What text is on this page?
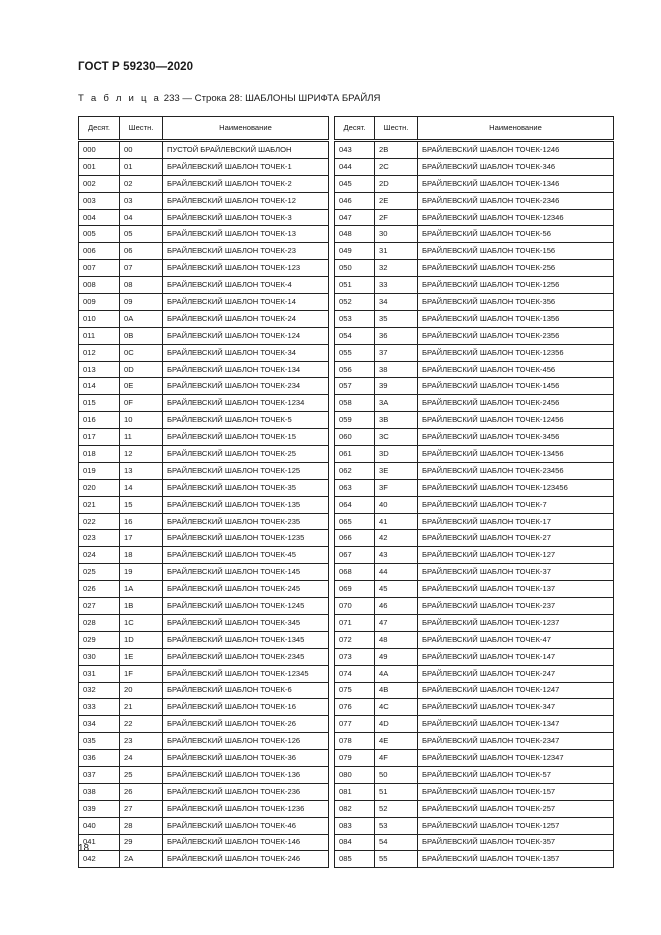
ГОСТ Р 59230—2020
Т а б л и ц а 233 — Строка 28: ШАБЛОНЫ ШРИФТА БРАЙЛЯ
Десят.	Шестн.	Наименование		Десят.	Шестн.	Наименование
000	00	ПУСТОЙ БРАЙЛЕВСКИЙ ШАБЛОН		043	2B	БРАЙЛЕВСКИЙ ШАБЛОН ТОЧЕК-1246
001	01	БРАЙЛЕВСКИЙ ШАБЛОН ТОЧЕК-1		044	2C	БРАЙЛЕВСКИЙ ШАБЛОН ТОЧЕК-346
002	02	БРАЙЛЕВСКИЙ ШАБЛОН ТОЧЕК-2		045	2D	БРАЙЛЕВСКИЙ ШАБЛОН ТОЧЕК-1346
003	03	БРАЙЛЕВСКИЙ ШАБЛОН ТОЧЕК-12		046	2E	БРАЙЛЕВСКИЙ ШАБЛОН ТОЧЕК-2346
004	04	БРАЙЛЕВСКИЙ ШАБЛОН ТОЧЕК-3		047	2F	БРАЙЛЕВСКИЙ ШАБЛОН ТОЧЕК-12346
005	05	БРАЙЛЕВСКИЙ ШАБЛОН ТОЧЕК-13		048	30	БРАЙЛЕВСКИЙ ШАБЛОН ТОЧЕК-56
006	06	БРАЙЛЕВСКИЙ ШАБЛОН ТОЧЕК-23		049	31	БРАЙЛЕВСКИЙ ШАБЛОН ТОЧЕК-156
007	07	БРАЙЛЕВСКИЙ ШАБЛОН ТОЧЕК-123		050	32	БРАЙЛЕВСКИЙ ШАБЛОН ТОЧЕК-256
008	08	БРАЙЛЕВСКИЙ ШАБЛОН ТОЧЕК-4		051	33	БРАЙЛЕВСКИЙ ШАБЛОН ТОЧЕК-1256
009	09	БРАЙЛЕВСКИЙ ШАБЛОН ТОЧЕК-14		052	34	БРАЙЛЕВСКИЙ ШАБЛОН ТОЧЕК-356
010	0A	БРАЙЛЕВСКИЙ ШАБЛОН ТОЧЕК-24		053	35	БРАЙЛЕВСКИЙ ШАБЛОН ТОЧЕК-1356
011	0B	БРАЙЛЕВСКИЙ ШАБЛОН ТОЧЕК-124		054	36	БРАЙЛЕВСКИЙ ШАБЛОН ТОЧЕК-2356
012	0C	БРАЙЛЕВСКИЙ ШАБЛОН ТОЧЕК-34		055	37	БРАЙЛЕВСКИЙ ШАБЛОН ТОЧЕК-12356
013	0D	БРАЙЛЕВСКИЙ ШАБЛОН ТОЧЕК-134		056	38	БРАЙЛЕВСКИЙ ШАБЛОН ТОЧЕК-456
014	0E	БРАЙЛЕВСКИЙ ШАБЛОН ТОЧЕК-234		057	39	БРАЙЛЕВСКИЙ ШАБЛОН ТОЧЕК-1456
015	0F	БРАЙЛЕВСКИЙ ШАБЛОН ТОЧЕК-1234		058	3A	БРАЙЛЕВСКИЙ ШАБЛОН ТОЧЕК-2456
016	10	БРАЙЛЕВСКИЙ ШАБЛОН ТОЧЕК-5		059	3B	БРАЙЛЕВСКИЙ ШАБЛОН ТОЧЕК-12456
017	11	БРАЙЛЕВСКИЙ ШАБЛОН ТОЧЕК-15		060	3C	БРАЙЛЕВСКИЙ ШАБЛОН ТОЧЕК-3456
018	12	БРАЙЛЕВСКИЙ ШАБЛОН ТОЧЕК-25		061	3D	БРАЙЛЕВСКИЙ ШАБЛОН ТОЧЕК-13456
019	13	БРАЙЛЕВСКИЙ ШАБЛОН ТОЧЕК-125		062	3E	БРАЙЛЕВСКИЙ ШАБЛОН ТОЧЕК-23456
020	14	БРАЙЛЕВСКИЙ ШАБЛОН ТОЧЕК-35		063	3F	БРАЙЛЕВСКИЙ ШАБЛОН ТОЧЕК-123456
021	15	БРАЙЛЕВСКИЙ ШАБЛОН ТОЧЕК-135		064	40	БРАЙЛЕВСКИЙ ШАБЛОН ТОЧЕК-7
022	16	БРАЙЛЕВСКИЙ ШАБЛОН ТОЧЕК-235		065	41	БРАЙЛЕВСКИЙ ШАБЛОН ТОЧЕК-17
023	17	БРАЙЛЕВСКИЙ ШАБЛОН ТОЧЕК-1235		066	42	БРАЙЛЕВСКИЙ ШАБЛОН ТОЧЕК-27
024	18	БРАЙЛЕВСКИЙ ШАБЛОН ТОЧЕК-45		067	43	БРАЙЛЕВСКИЙ ШАБЛОН ТОЧЕК-127
025	19	БРАЙЛЕВСКИЙ ШАБЛОН ТОЧЕК-145		068	44	БРАЙЛЕВСКИЙ ШАБЛОН ТОЧЕК-37
026	1A	БРАЙЛЕВСКИЙ ШАБЛОН ТОЧЕК-245		069	45	БРАЙЛЕВСКИЙ ШАБЛОН ТОЧЕК-137
027	1B	БРАЙЛЕВСКИЙ ШАБЛОН ТОЧЕК-1245		070	46	БРАЙЛЕВСКИЙ ШАБЛОН ТОЧЕК-237
028	1C	БРАЙЛЕВСКИЙ ШАБЛОН ТОЧЕК-345		071	47	БРАЙЛЕВСКИЙ ШАБЛОН ТОЧЕК-1237
029	1D	БРАЙЛЕВСКИЙ ШАБЛОН ТОЧЕК-1345		072	48	БРАЙЛЕВСКИЙ ШАБЛОН ТОЧЕК-47
030	1E	БРАЙЛЕВСКИЙ ШАБЛОН ТОЧЕК-2345		073	49	БРАЙЛЕВСКИЙ ШАБЛОН ТОЧЕК-147
031	1F	БРАЙЛЕВСКИЙ ШАБЛОН ТОЧЕК-12345		074	4A	БРАЙЛЕВСКИЙ ШАБЛОН ТОЧЕК-247
032	20	БРАЙЛЕВСКИЙ ШАБЛОН ТОЧЕК-6		075	4B	БРАЙЛЕВСКИЙ ШАБЛОН ТОЧЕК-1247
033	21	БРАЙЛЕВСКИЙ ШАБЛОН ТОЧЕК-16		076	4C	БРАЙЛЕВСКИЙ ШАБЛОН ТОЧЕК-347
034	22	БРАЙЛЕВСКИЙ ШАБЛОН ТОЧЕК-26		077	4D	БРАЙЛЕВСКИЙ ШАБЛОН ТОЧЕК-1347
035	23	БРАЙЛЕВСКИЙ ШАБЛОН ТОЧЕК-126		078	4E	БРАЙЛЕВСКИЙ ШАБЛОН ТОЧЕК-2347
036	24	БРАЙЛЕВСКИЙ ШАБЛОН ТОЧЕК-36		079	4F	БРАЙЛЕВСКИЙ ШАБЛОН ТОЧЕК-12347
037	25	БРАЙЛЕВСКИЙ ШАБЛОН ТОЧЕК-136		080	50	БРАЙЛЕВСКИЙ ШАБЛОН ТОЧЕК-57
038	26	БРАЙЛЕВСКИЙ ШАБЛОН ТОЧЕК-236		081	51	БРАЙЛЕВСКИЙ ШАБЛОН ТОЧЕК-157
039	27	БРАЙЛЕВСКИЙ ШАБЛОН ТОЧЕК-1236		082	52	БРАЙЛЕВСКИЙ ШАБЛОН ТОЧЕК-257
040	28	БРАЙЛЕВСКИЙ ШАБЛОН ТОЧЕК-46		083	53	БРАЙЛЕВСКИЙ ШАБЛОН ТОЧЕК-1257
041	29	БРАЙЛЕВСКИЙ ШАБЛОН ТОЧЕК-146		084	54	БРАЙЛЕВСКИЙ ШАБЛОН ТОЧЕК-357
042	2A	БРАЙЛЕВСКИЙ ШАБЛОН ТОЧЕК-246		085	55	БРАЙЛЕВСКИЙ ШАБЛОН ТОЧЕК-1357
18
